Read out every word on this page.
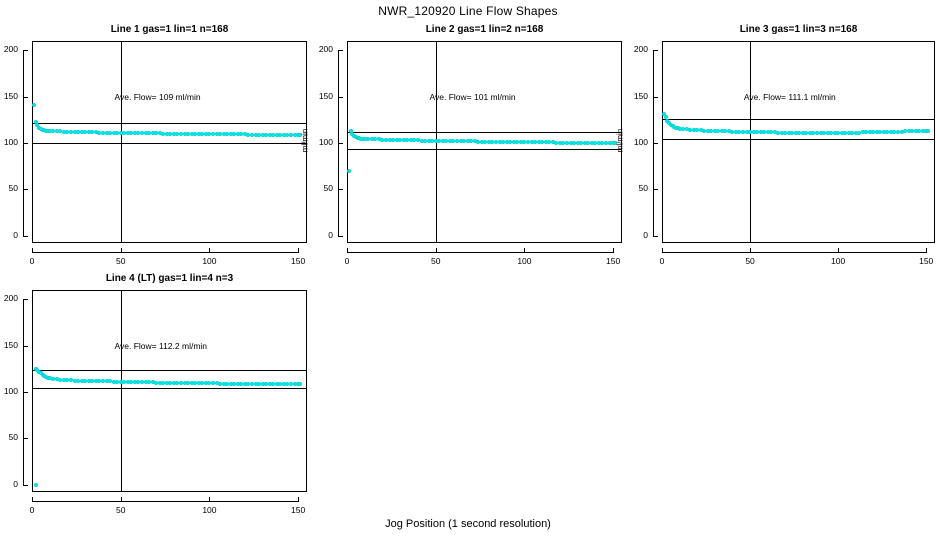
NWR_120920 Line Flow Shapes
Line 1 gas=1 lin=1 n=168
0
50
100
150
200
0	50	100	150
Ave. Flow= 109 ml/min
Line 2 gas=1 lin=2 n=168
0
50
100
150
200
ml/min
0	50	100	150
Ave. Flow= 101 ml/min
Line 3 gas=1 lin=3 n=168
0
50
100
150
200
ml/min
0	50	100	150
Ave. Flow= 111.1 ml/min
Line 4 (LT) gas=1 lin=4 n=3
0
50
100
150
200
0	50	100	150
Ave. Flow= 112.2 ml/min
Jog Position (1 second resolution)
